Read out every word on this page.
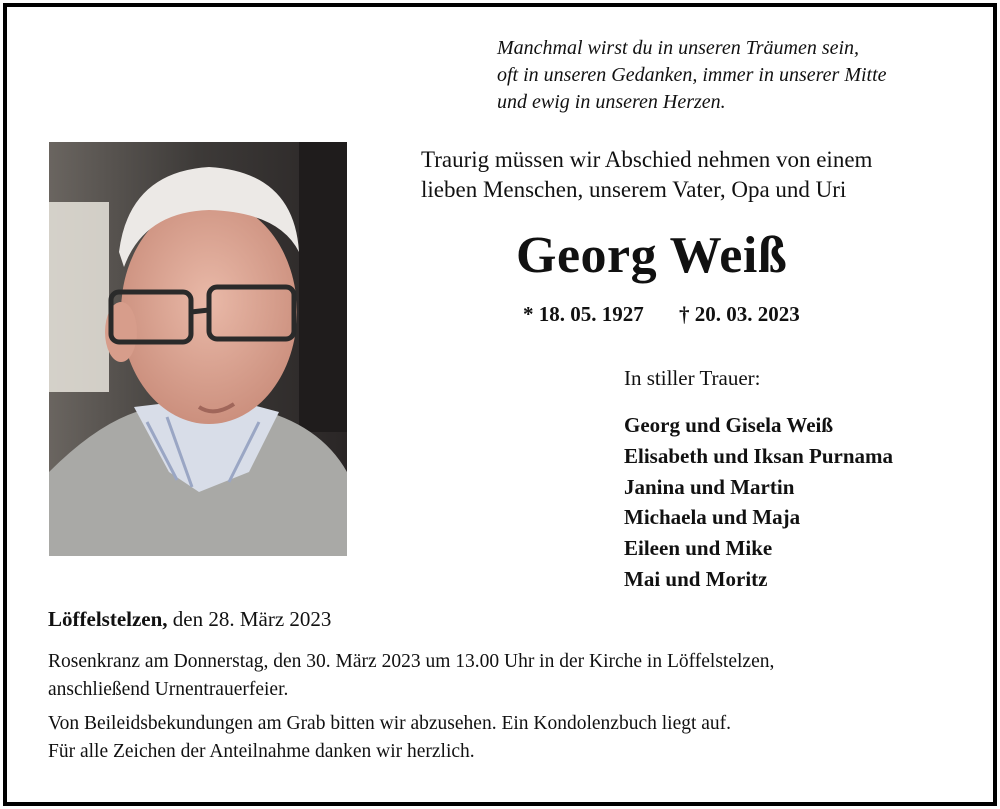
Manchmal wirst du in unseren Träumen sein,
oft in unseren Gedanken, immer in unserer Mitte
und ewig in unseren Herzen.
Traurig müssen wir Abschied nehmen von einem
lieben Menschen, unserem Vater, Opa und Uri
Georg Weiß
* 18. 05. 1927 † 20. 03. 2023
In stiller Trauer:
Georg und Gisela Weiß
Elisabeth und Iksan Purnama
Janina und Martin
Michaela und Maja
Eileen und Mike
Mai und Moritz
Löffelstelzen, den 28. März 2023
Rosenkranz am Donnerstag, den 30. März 2023 um 13.00 Uhr in der Kirche in Löffelstelzen,
anschließend Urnentrauerfeier.
Von Beileidsbekundungen am Grab bitten wir abzusehen. Ein Kondolenzbuch liegt auf.
Für alle Zeichen der Anteilnahme danken wir herzlich.
